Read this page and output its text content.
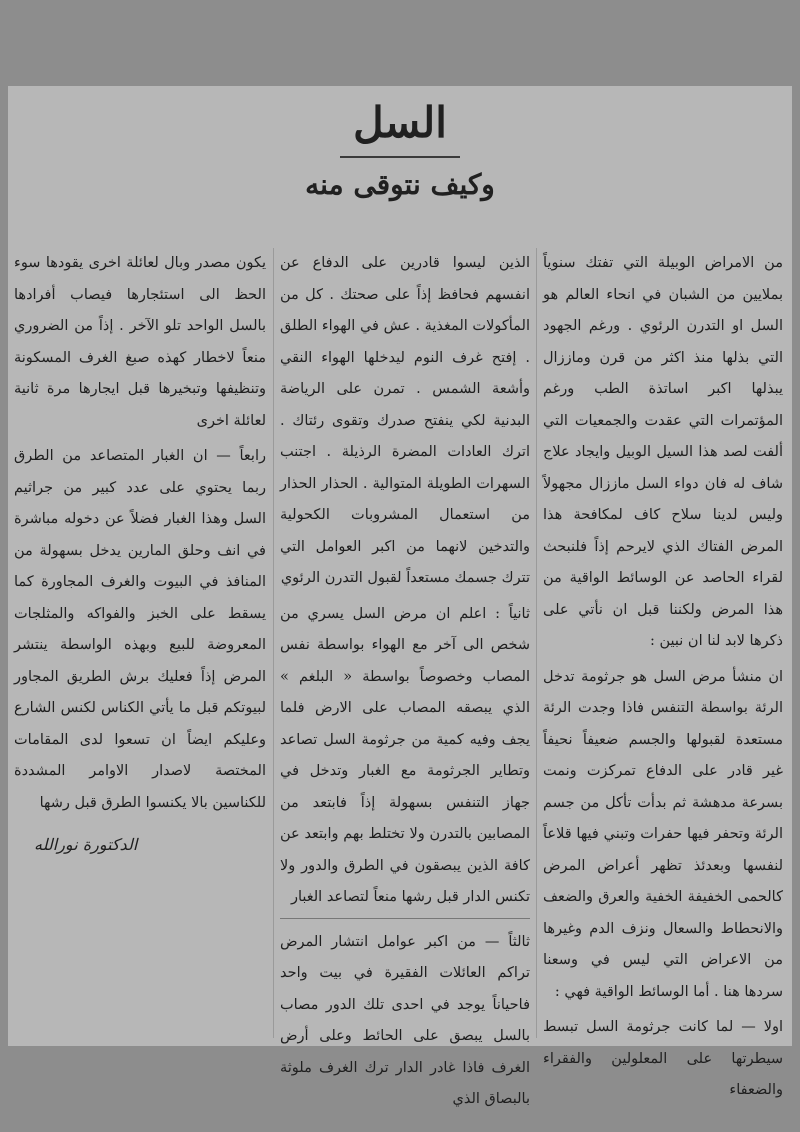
السل
وكيف نتوقى منه

من الامراض الوبيلة التي تفتك سنوياً بملايين من الشبان في انحاء العالم هو السل او التدرن الرئوي . ورغم الجهود التي بذلها منذ اكثر من قرن وماززال يبذلها اكبر اساتذة الطب ورغم المؤتمرات التي عقدت والجمعيات التي ألفت لصد هذا السيل الوبيل وايجاد علاج شاف له فان دواء السل ماززال مجهولاً وليس لدينا سلاح كاف لمكافحة هذا المرض الفتاك الذي لايرحم إذاً فلنبحث لقراء الحاصد عن الوسائط الواقية من هذا المرض ولكننا قبل ان نأتي على ذكرها لابد لنا ان نبين :

ان منشأ مرض السل هو جرثومة تدخل الرئة بواسطة التنفس فاذا وجدت الرئة مستعدة لقبولها والجسم ضعيفاً نحيفاً غير قادر على الدفاع تمركزت ونمت بسرعة مدهشة ثم بدأت تأكل من جسم الرئة وتحفر فيها حفرات وتبني فيها قلاعاً لنفسها وبعدئذ تظهر أعراض المرض كالحمى الخفيفة الخفية والعرق والضعف والانحطاط والسعال ونزف الدم وغيرها من الاعراض التي ليس في وسعنا سردها هنا . أما الوسائط الواقية فهي :

اولا — لما كانت جرثومة السل تبسط سيطرتها على المعلولين والفقراء والضعفاء

الذين ليسوا قادرين على الدفاع عن انفسهم فحافظ إذاً على صحتك . كل من المأكولات المغذية . عش في الهواء الطلق . إفتح غرف النوم ليدخلها الهواء النقي وأشعة الشمس . تمرن على الرياضة البدنية لكي ينفتح صدرك وتقوى رئتاك . اترك العادات المضرة الرذيلة . اجتنب السهرات الطويلة المتوالية . الحذار الحذار من استعمال المشروبات الكحولية والتدخين لانهما من اكبر العوامل التي تترك جسمك مستعداً لقبول التدرن الرئوي

ثانياً : اعلم ان مرض السل يسري من شخص الى آخر مع الهواء بواسطة نفس المصاب وخصوصاً بواسطة « البلغم » الذي يبصقه المصاب على الارض فلما يجف وفيه كمية من جرثومة السل تصاعد وتطاير الجرثومة مع الغبار وتدخل في جهاز التنفس بسهولة إذاً فابتعد من المصابين بالتدرن ولا تختلط بهم وابتعد عن كافة الذين يبصقون في الطرق والدور ولا تكنس الدار قبل رشها منعاً لتصاعد الغبار

ثالثاً — من اكبر عوامل انتشار المرض تراكم العائلات الفقيرة في بيت واحد فاحياناً يوجد في احدى تلك الدور مصاب بالسل يبصق على الحائط وعلى أرض الغرف فاذا غادر الدار ترك الغرف ملوثة بالبصاق الذي

يكون مصدر وبال لعائلة اخرى يقودها سوء الحظ الى استئجارها فيصاب أفرادها بالسل الواحد تلو الآخر . إذاً من الضروري منعاً لاخطار كهذه صبغ الغرف المسكونة وتنظيفها وتبخيرها قبل ايجارها مرة ثانية لعائلة اخرى

رابعاً — ان الغبار المتصاعد من الطرق ربما يحتوي على عدد كبير من جراثيم السل وهذا الغبار فضلاً عن دخوله مباشرة في انف وحلق المارين يدخل بسهولة من المنافذ في البيوت والغرف المجاورة كما يسقط على الخبز والفواكه والمثلجات المعروضة للبيع وبهذه الواسطة ينتشر المرض إذاً فعليك برش الطريق المجاور لبيوتكم قبل ما يأتي الكناس لكنس الشارع وعليكم ايضاً ان تسعوا لدى المقامات المختصة لاصدار الاوامر المشددة للكناسين بالا يكنسوا الطرق قبل رشها

الدكتورة نورالله
